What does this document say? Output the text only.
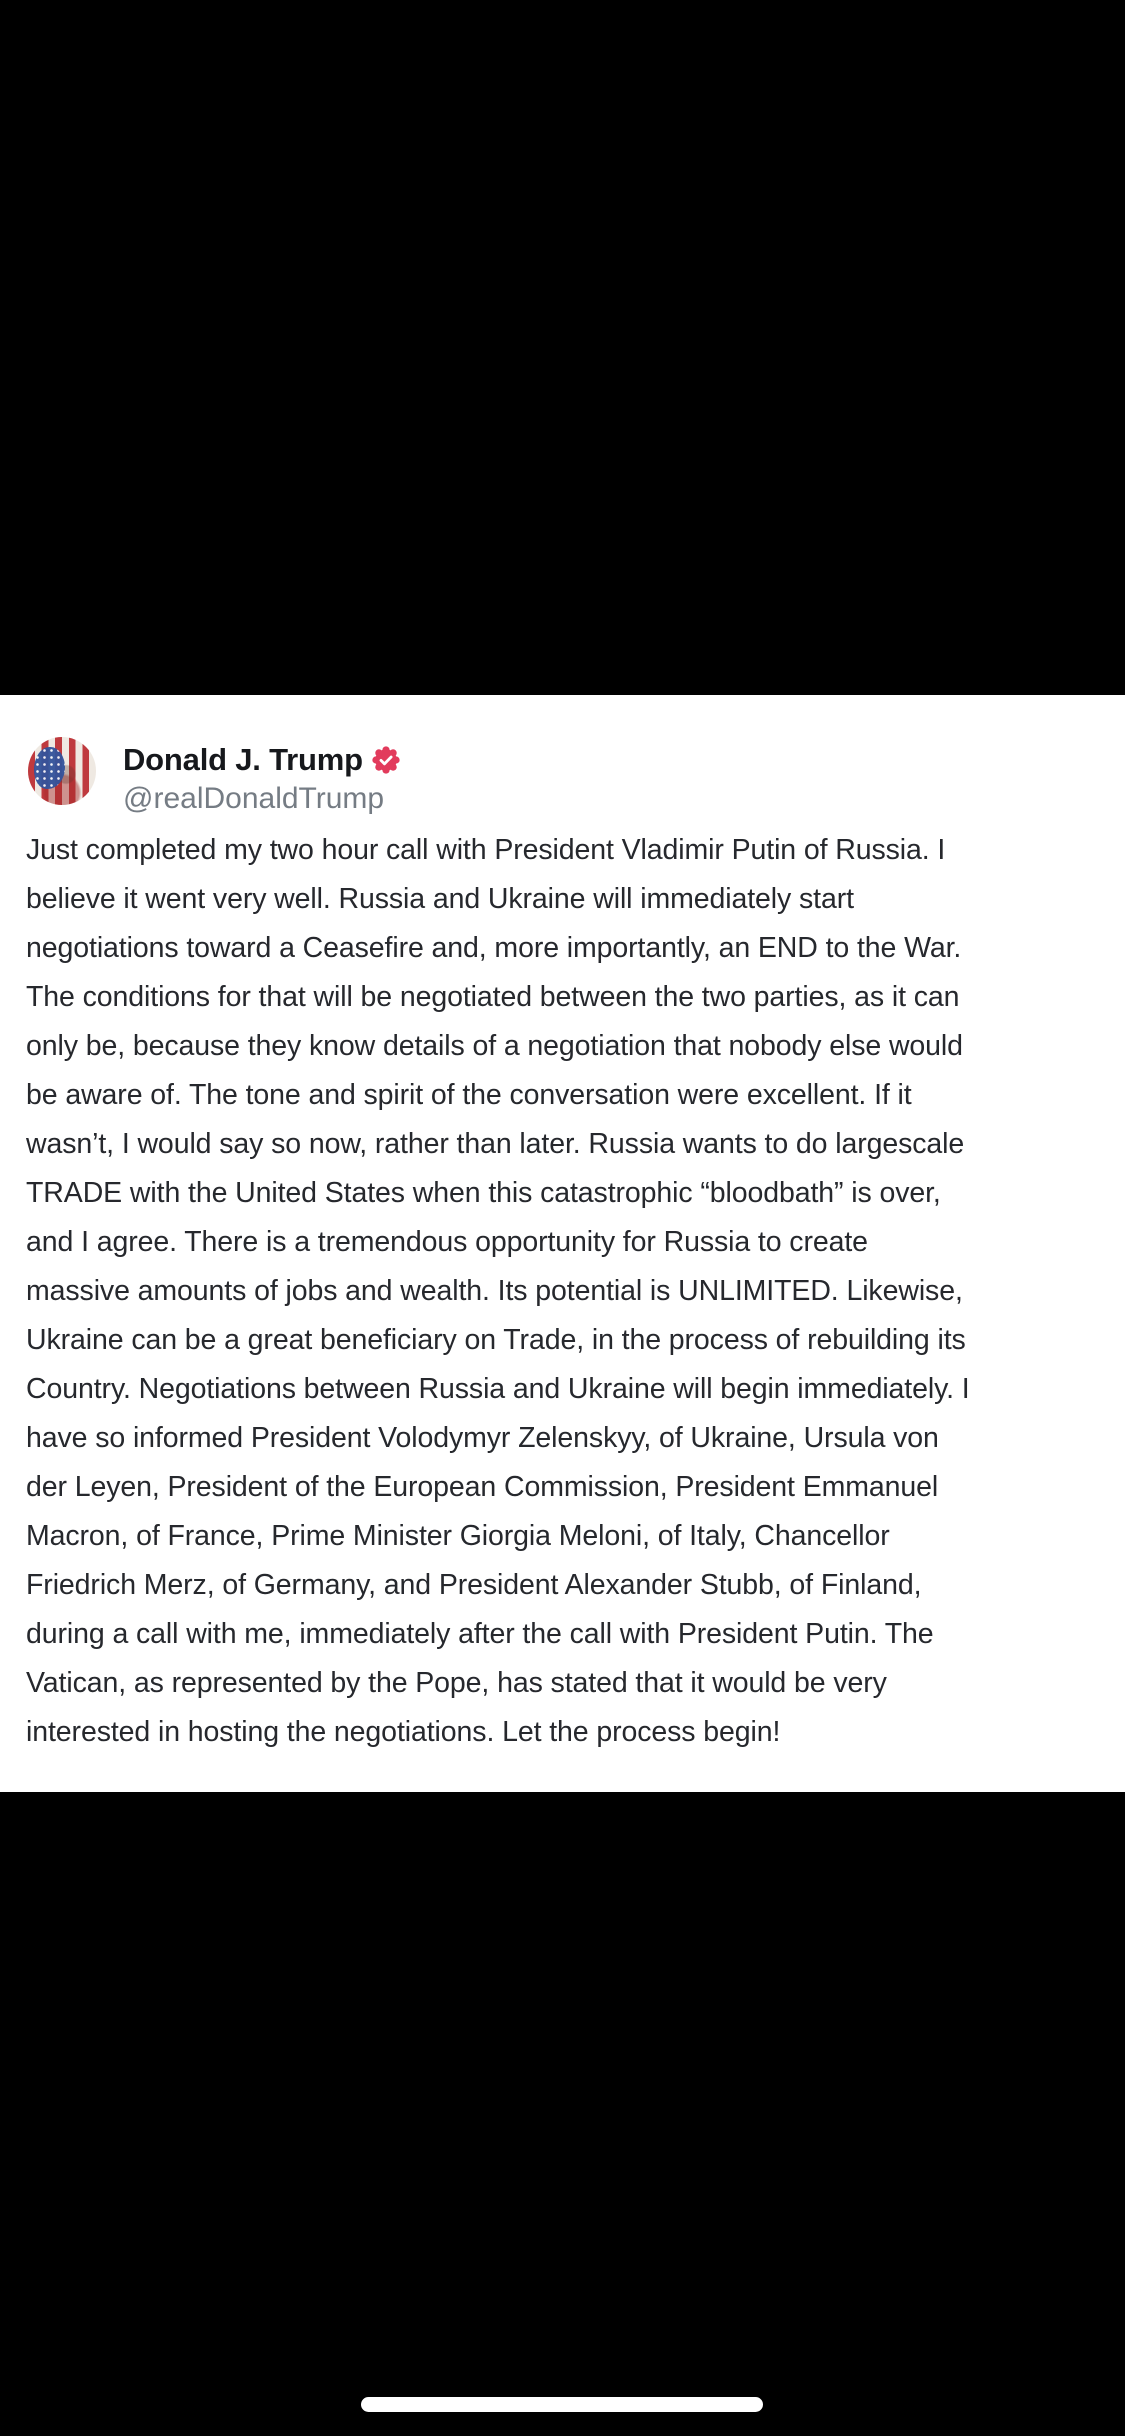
Donald J. Trump
@realDonaldTrump
Just completed my two hour call with President Vladimir Putin of Russia. I
believe it went very well. Russia and Ukraine will immediately start
negotiations toward a Ceasefire and, more importantly, an END to the War.
The conditions for that will be negotiated between the two parties, as it can
only be, because they know details of a negotiation that nobody else would
be aware of. The tone and spirit of the conversation were excellent. If it
wasn’t, I would say so now, rather than later. Russia wants to do largescale
TRADE with the United States when this catastrophic “bloodbath” is over,
and I agree. There is a tremendous opportunity for Russia to create
massive amounts of jobs and wealth. Its potential is UNLIMITED. Likewise,
Ukraine can be a great beneficiary on Trade, in the process of rebuilding its
Country. Negotiations between Russia and Ukraine will begin immediately. I
have so informed President Volodymyr Zelenskyy, of Ukraine, Ursula von
der Leyen, President of the European Commission, President Emmanuel
Macron, of France, Prime Minister Giorgia Meloni, of Italy, Chancellor
Friedrich Merz, of Germany, and President Alexander Stubb, of Finland,
during a call with me, immediately after the call with President Putin. The
Vatican, as represented by the Pope, has stated that it would be very
interested in hosting the negotiations. Let the process begin!
